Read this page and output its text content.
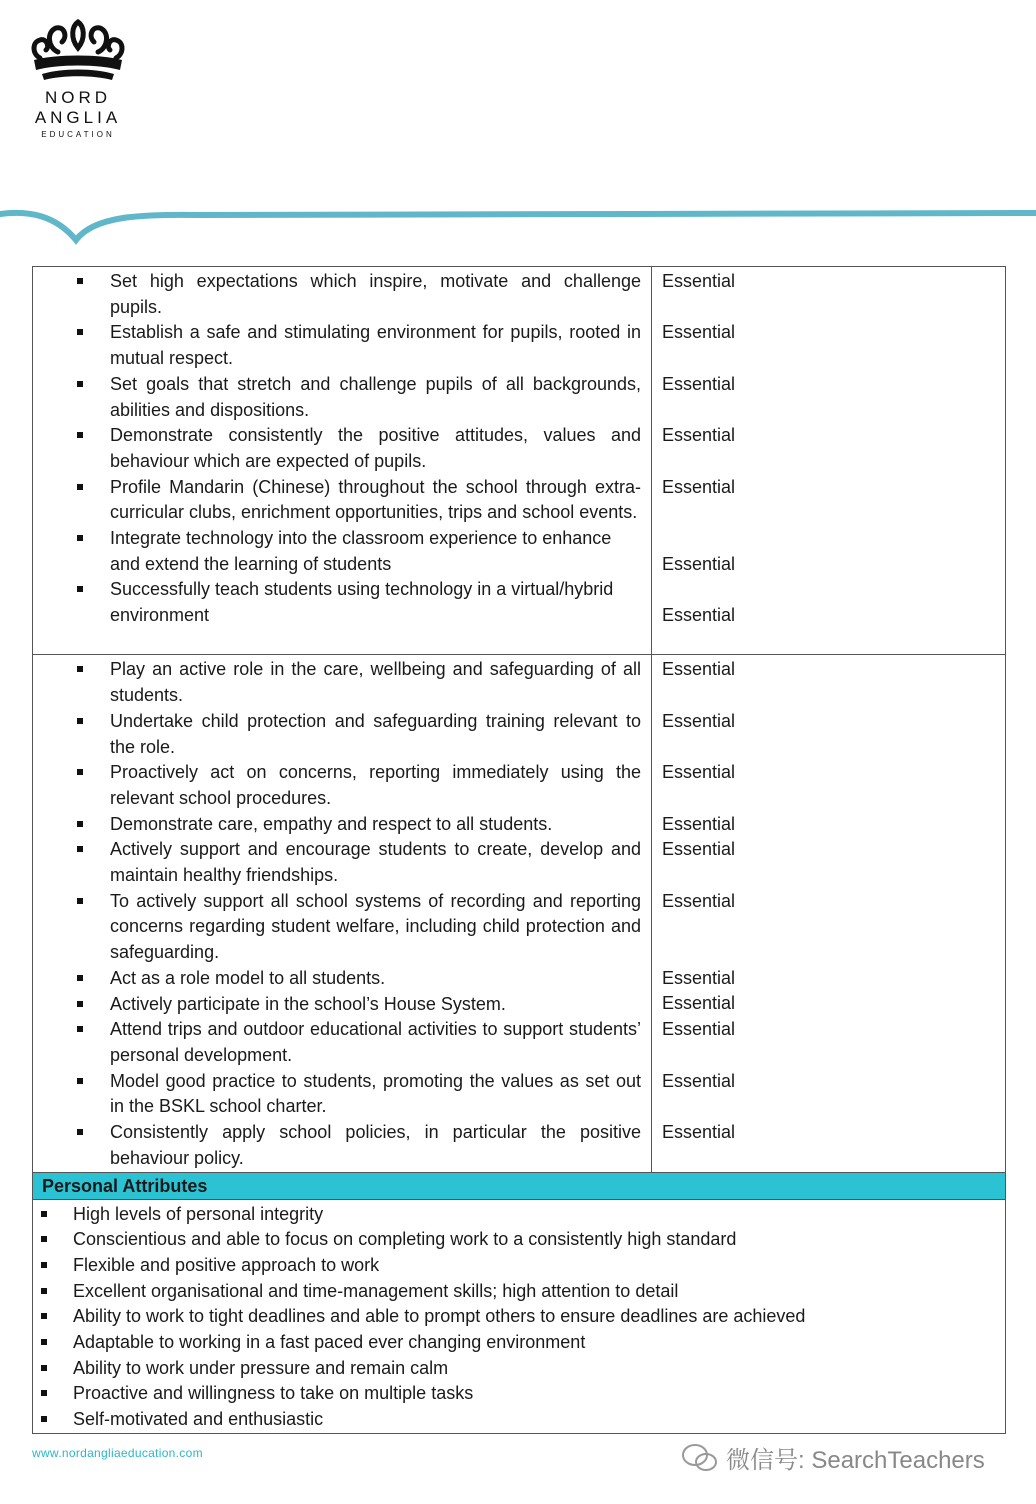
NORD
ANGLIA
EDUCATION
Set high expectations which inspire, motivate and challenge pupils.
Establish a safe and stimulating environment for pupils, rooted in mutual respect.
Set goals that stretch and challenge pupils of all backgrounds, abilities and dispositions.
Demonstrate consistently the positive attitudes, values and behaviour which are expected of pupils.
Profile Mandarin (Chinese) throughout the school through extra-curricular clubs, enrichment opportunities, trips and school events.
Integrate technology into the classroom experience to enhance and extend the learning of students
Successfully teach students using technology in a virtual/hybrid environment
Essential
Essential
Essential
Essential
Essential
Essential
Essential
Play an active role in the care, wellbeing and safeguarding of all students.
Undertake child protection and safeguarding training relevant to the role.
Proactively act on concerns, reporting immediately using the relevant school procedures.
Demonstrate care, empathy and respect to all students.
Actively support and encourage students to create, develop and maintain healthy friendships.
To actively support all school systems of recording and reporting concerns regarding student welfare, including child protection and safeguarding.
Act as a role model to all students.
Actively participate in the school’s House System.
Attend trips and outdoor educational activities to support students’ personal development.
Model good practice to students, promoting the values as set out in the BSKL school charter.
Consistently apply school policies, in particular the positive behaviour policy.
Essential
Essential
Essential
Essential
Essential
Essential
Essential
Essential
Essential
Essential
Essential
Personal Attributes
High levels of personal integrity
Conscientious and able to focus on completing work to a consistently high standard
Flexible and positive approach to work
Excellent organisational and time-management skills; high attention to detail
Ability to work to tight deadlines and able to prompt others to ensure deadlines are achieved
Adaptable to working in a fast paced ever changing environment
Ability to work under pressure and remain calm
Proactive and willingness to take on multiple tasks
Self-motivated and enthusiastic
www.nordangliaeducation.com	微信号: SearchTeachers
